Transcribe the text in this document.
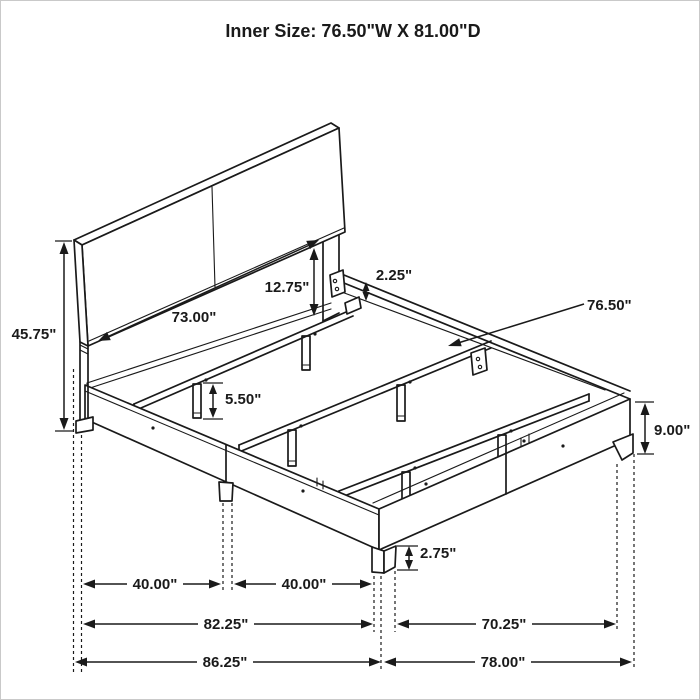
Inner Size: 76.50"W X 81.00"D
45.75"
73.00"
12.75"
2.25"
76.50"
5.50"
9.00"
2.75"
40.00"	40.00"
82.25"	70.25"
86.25"	78.00"
